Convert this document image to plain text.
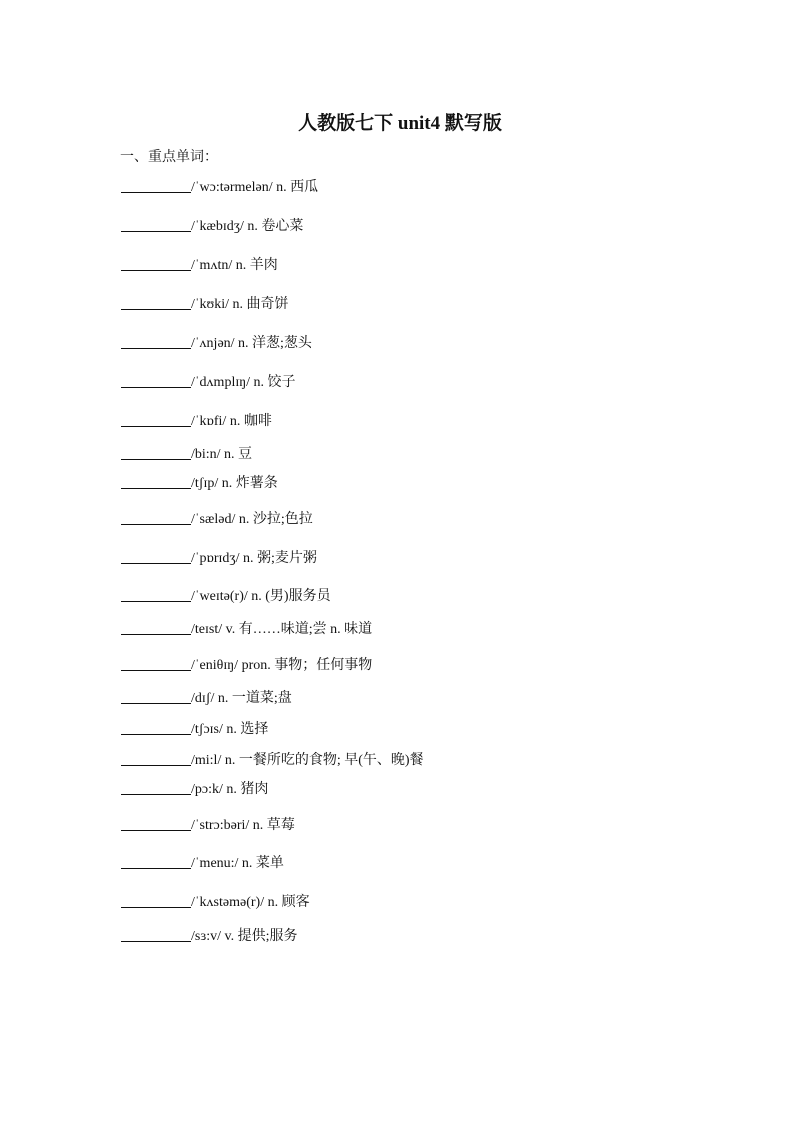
人教版七下 unit4 默写版
一、重点单词：
/ˈwɔ:tərmelən/ n. 西瓜
/ˈkæbɪdʒ/ n. 卷心菜
/ˈmʌtn/ n. 羊肉
/ˈkʊki/ n. 曲奇饼
/ˈʌnjən/ n. 洋葱;葱头
/ˈdʌmplɪŋ/ n. 饺子
/ˈkɒfi/ n. 咖啡
/bi:n/ n. 豆
/tʃɪp/ n. 炸薯条
/ˈsæləd/ n. 沙拉;色拉
/ˈpɒrɪdʒ/ n. 粥;麦片粥
/ˈweɪtə(r)/ n. (男)服务员
/teɪst/ v. 有……味道;尝 n. 味道
/ˈeniθɪŋ/ pron. 事物；任何事物
/dɪʃ/ n. 一道菜;盘
/tʃɔɪs/ n. 选择
/mi:l/ n. 一餐所吃的食物; 早(午、晚)餐
/pɔ:k/ n. 猪肉
/ˈstrɔ:bəri/ n. 草莓
/ˈmenu:/ n. 菜单
/ˈkʌstəmə(r)/ n. 顾客
/sɜ:v/ v. 提供;服务
